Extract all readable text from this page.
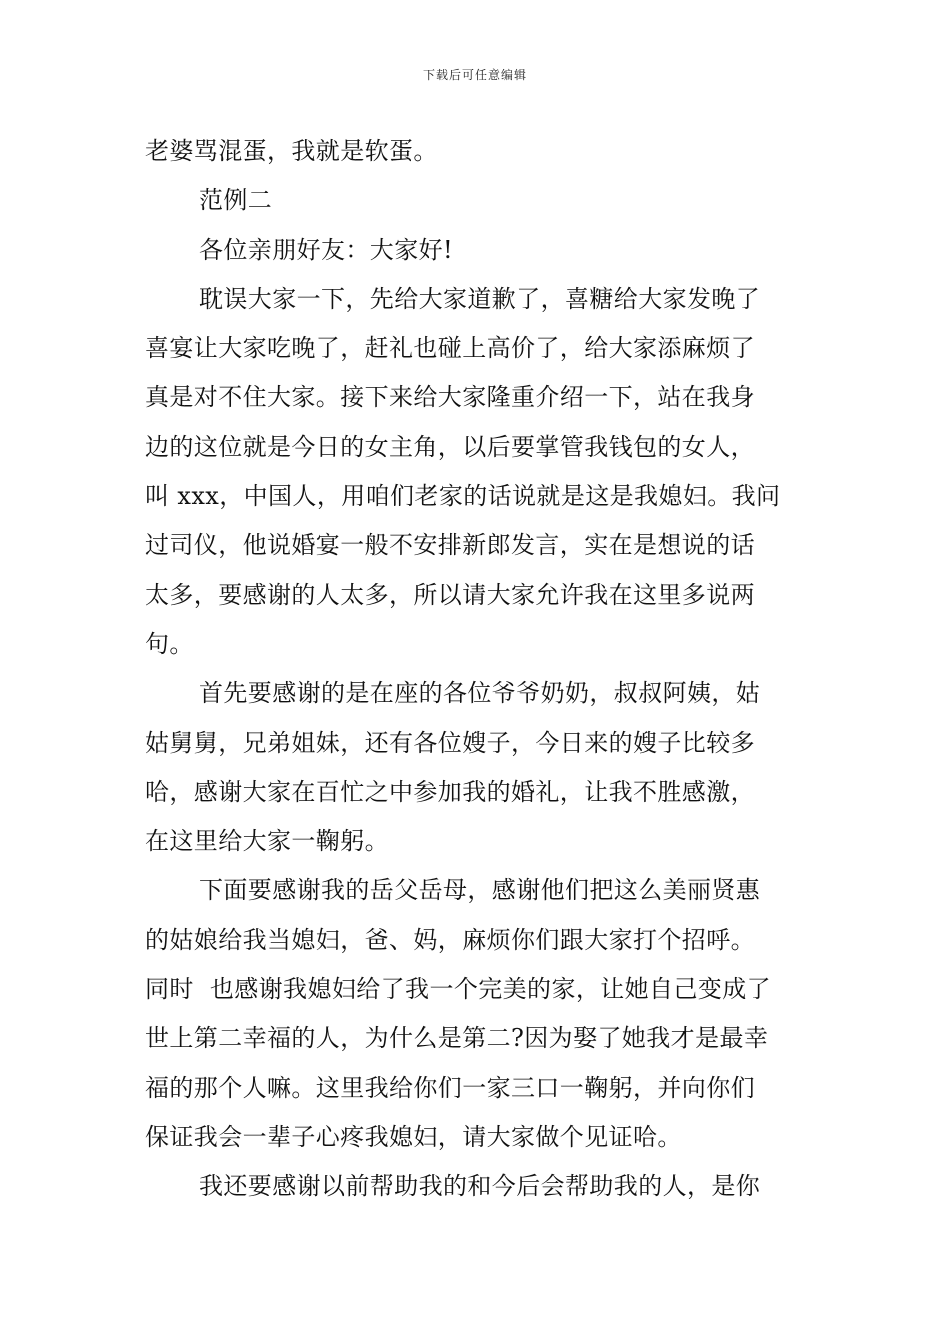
下载后可任意编辑

老婆骂混蛋，我就是软蛋。

范例二

各位亲朋好友：大家好!

耽误大家一下，先给大家道歉了，喜糖给大家发晚了
喜宴让大家吃晚了，赶礼也碰上高价了，给大家添麻烦了
真是对不住大家。接下来给大家隆重介绍一下，站在我身
边的这位就是今日的女主角，以后要掌管我钱包的女人，
叫 xxx，中国人，用咱们老家的话说就是这是我媳妇。我问
过司仪，他说婚宴一般不安排新郎发言，实在是想说的话
太多，要感谢的人太多，所以请大家允许我在这里多说两
句。

首先要感谢的是在座的各位爷爷奶奶，叔叔阿姨，姑
姑舅舅，兄弟姐妹，还有各位嫂子，今日来的嫂子比较多
哈，感谢大家在百忙之中参加我的婚礼，让我不胜感激，
在这里给大家一鞠躬。

下面要感谢我的岳父岳母，感谢他们把这么美丽贤惠
的姑娘给我当媳妇，爸、妈，麻烦你们跟大家打个招呼。
同时  也感谢我媳妇给了我一个完美的家，让她自己变成了
世上第二幸福的人，为什么是第二?因为娶了她我才是最幸
福的那个人嘛。这里我给你们一家三口一鞠躬，并向你们
保证我会一辈子心疼我媳妇，请大家做个见证哈。

我还要感谢以前帮助我的和今后会帮助我的人，是你
